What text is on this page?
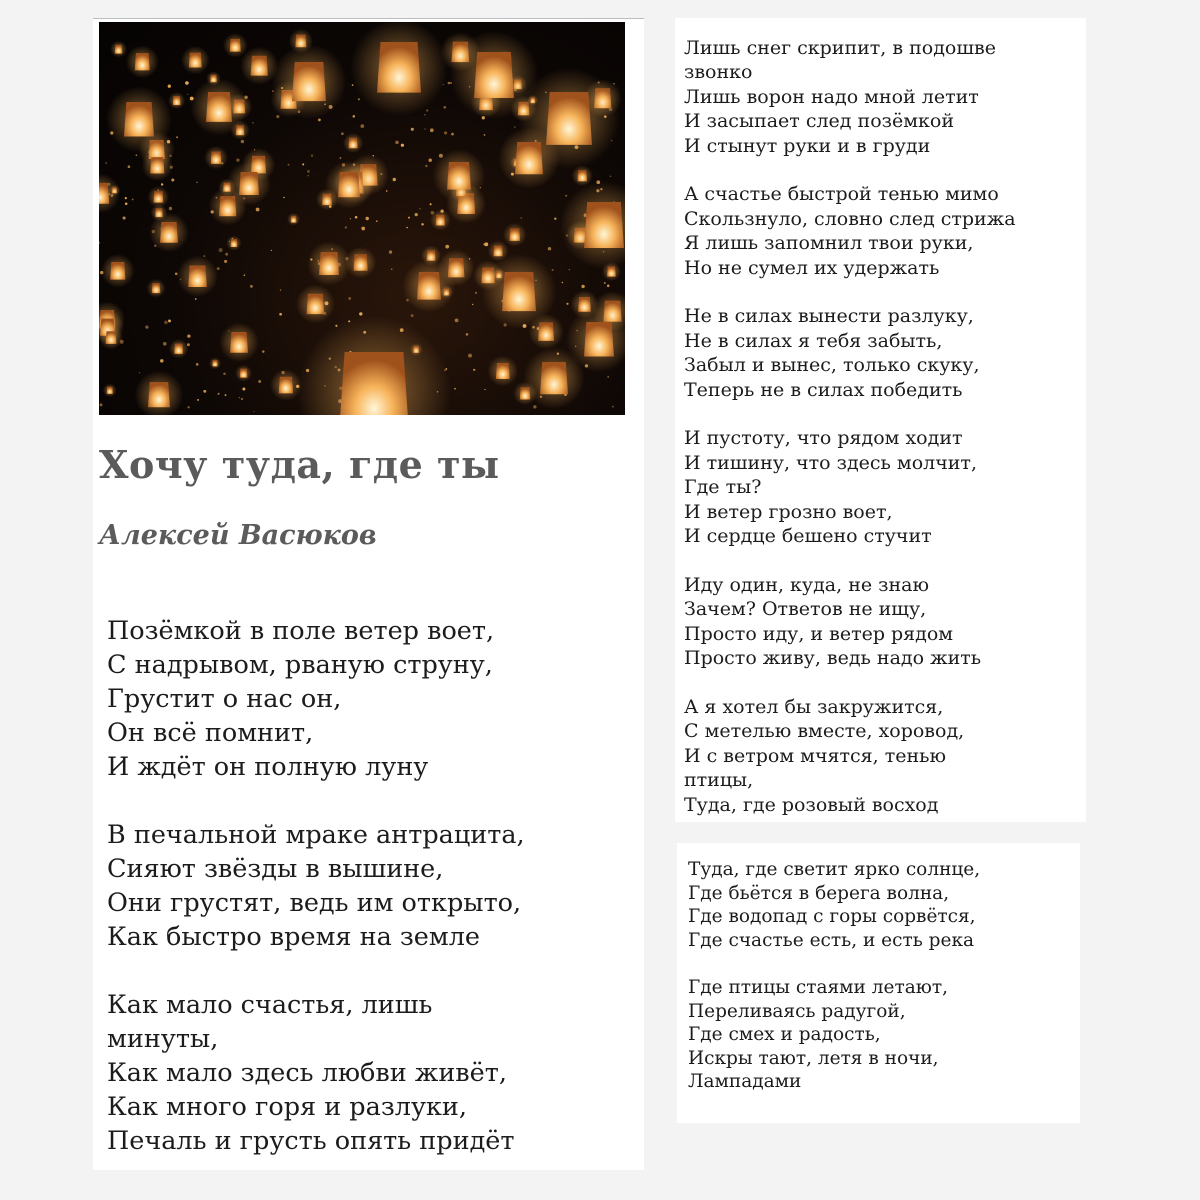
Хочу туда, где ты
Алексей Васюков

Позёмкой в поле ветер воет,
С надрывом, рваную струну,
Грустит о нас он,
Он всё помнит,
И ждёт он полную луну

В печальной мраке антрацита,
Сияют звёзды в вышине,
Они грустят, ведь им открыто,
Как быстро время на земле

Как мало счастья, лишь
минуты,
Как мало здесь любви живёт,
Как много горя и разлуки,
Печаль и грусть опять придёт

Лишь снег скрипит, в подошве
звонко
Лишь ворон надо мной летит
И засыпает след позёмкой
И стынут руки и в груди

А счастье быстрой тенью мимо
Скользнуло, словно след стрижа
Я лишь запомнил твои руки,
Но не сумел их удержать

Не в силах вынести разлуку,
Не в силах я тебя забыть,
Забыл и вынес, только скуку,
Теперь не в силах победить

И пустоту, что рядом ходит
И тишину, что здесь молчит,
Где ты?
И ветер грозно воет,
И сердце бешено стучит

Иду один, куда, не знаю
Зачем? Ответов не ищу,
Просто иду, и ветер рядом
Просто живу, ведь надо жить

А я хотел бы закружится,
С метелью вместе, хоровод,
И с ветром мчятся, тенью
птицы,
Туда, где розовый восход

Туда, где светит ярко солнце,
Где бьётся в берега волна,
Где водопад с горы сорвётся,
Где счастье есть, и есть река

Где птицы стаями летают,
Переливаясь радугой,
Где смех и радость,
Искры тают, летя в ночи,
Лампадами
